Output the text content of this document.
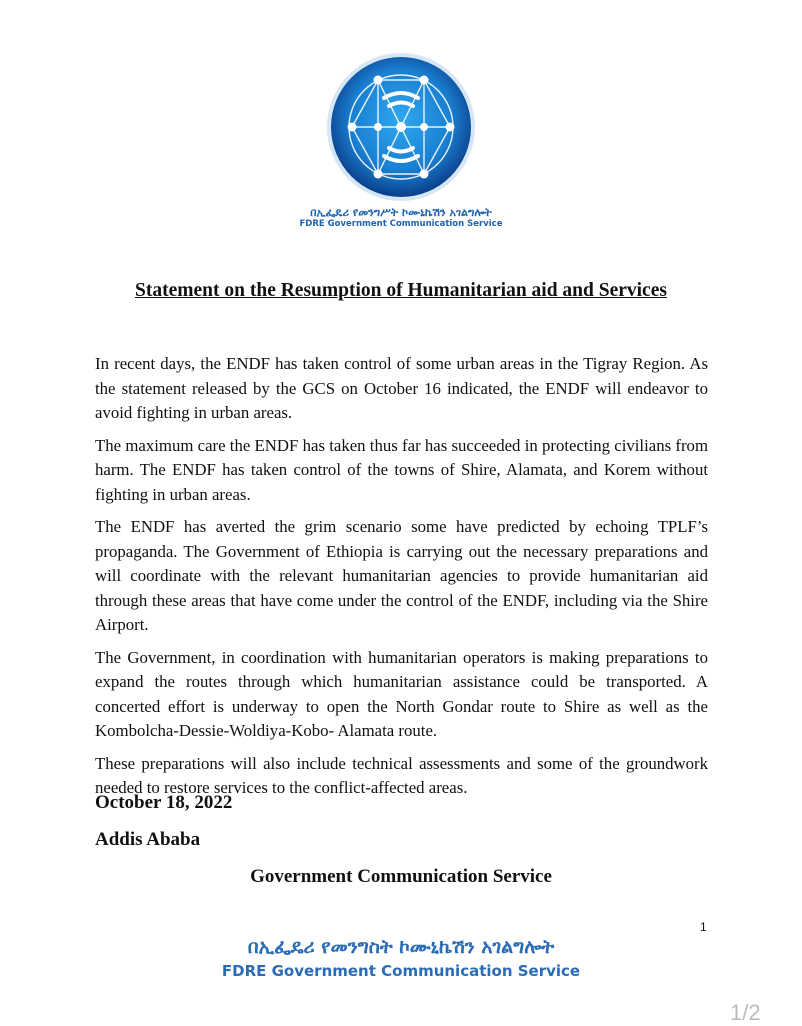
በኢፌዴሪ የመንግሥት ኮሙኒኬሽን አገልግሎት
FDRE Government Communication Service
Statement on the Resumption of Humanitarian aid and Services

In recent days, the ENDF has taken control of some urban areas in the Tigray Region. As the statement released by the GCS on October 16 indicated, the ENDF will endeavor to avoid fighting in urban areas.

The maximum care the ENDF has taken thus far has succeeded in protecting civilians from harm. The ENDF has taken control of the towns of Shire, Alamata, and Korem without fighting in urban areas.

The ENDF has averted the grim scenario some have predicted by echoing TPLF’s propaganda. The Government of Ethiopia is carrying out the necessary preparations and will coordinate with the relevant humanitarian agencies to provide humanitarian aid through these areas that have come under the control of the ENDF, including via the Shire Airport.

The Government, in coordination with humanitarian operators is making preparations to expand the routes through which humanitarian assistance could be transported. A concerted effort is underway to open the North Gondar route to Shire as well as the Kombolcha-Dessie-Woldiya-Kobo- Alamata route.

These preparations will also include technical assessments and some of the groundwork needed to restore services to the conflict-affected areas.

October 18, 2022
Addis Ababa
Government Communication Service
1
በኢፌዴሪ የመንግስት ኮሙኒኬሽን አገልግሎት
FDRE Government Communication Service
1/2
